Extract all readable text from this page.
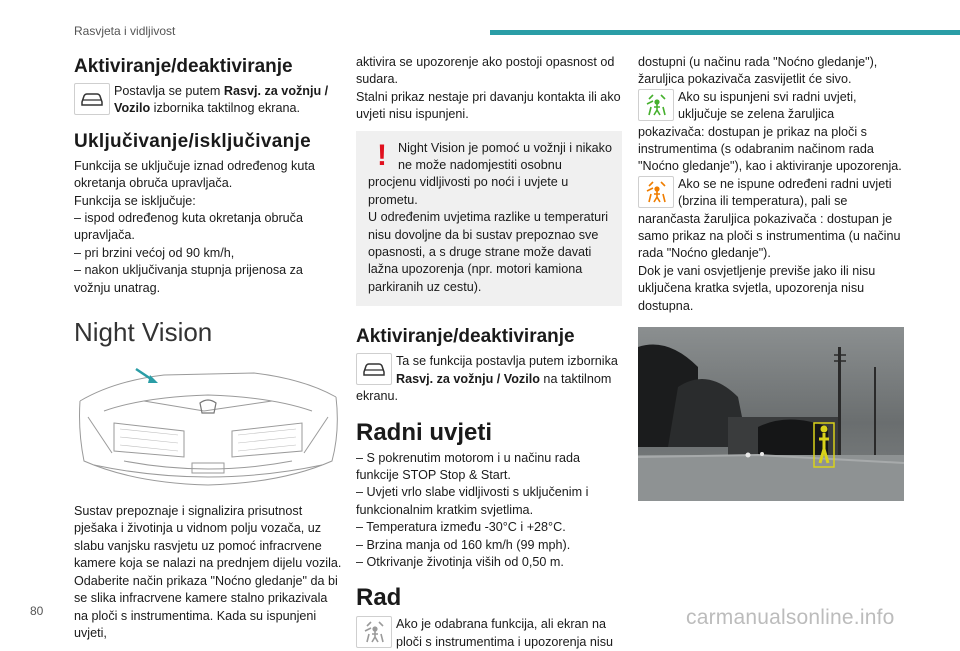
Rasvjeta i vidljivost
Aktiviranje/deaktiviranje

Postavlja se putem Rasvj. za vožnju / Vozilo izbornika taktilnog ekrana.

Uključivanje/isključivanje

Funkcija se uključuje iznad određenog kuta okretanja obruča upravljača.

Funkcija se isključuje:

– ispod određenog kuta okretanja obruča upravljača.

– pri brzini većoj od 90 km/h,

– nakon uključivanja stupnja prijenosa za vožnju unatrag.

Night Vision

Sustav prepoznaje i signalizira prisutnost pješaka i životinja u vidnom polju vozača, uz slabu vanjsku rasvjetu uz pomoć infracrvene kamere koja se nalazi na prednjem dijelu vozila. Odaberite način prikaza "Noćno gledanje" da bi se slika infracrvene kamere stalno prikazivala na ploči s instrumentima. Kada su ispunjeni uvjeti,

aktivira se upozorenje ako postoji opasnost od sudara.

Stalni prikaz nestaje pri davanju kontakta ili ako uvjeti nisu ispunjeni.

! Night Vision je pomoć u vožnji i nikako ne može nadomjestiti osobnu procjenu vidljivosti po noći i uvjete u prometu.

U određenim uvjetima razlike u temperaturi nisu dovoljne da bi sustav prepoznao sve opasnosti, a s druge strane može davati lažna upozorenja (npr. motori kamiona parkiranih uz cestu).

Aktiviranje/deaktiviranje

Ta se funkcija postavlja putem izbornika Rasvj. za vožnju / Vozilo na taktilnom ekranu.

Radni uvjeti

– S pokrenutim motorom i u načinu rada funkcije STOP Stop & Start.

– Uvjeti vrlo slabe vidljivosti s uključenim i funkcionalnim kratkim svjetlima.

– Temperatura između -30°C i +28°C.

– Brzina manja od 160 km/h (99 mph).

– Otkrivanje životinja viših od 0,50 m.

Rad

Ako je odabrana funkcija, ali ekran na ploči s instrumentima i upozorenja nisu

dostupni (u načinu rada "Noćno gledanje"), žaruljica pokazivača zasvijetlit će sivo.

Ako su ispunjeni svi radni uvjeti, uključuje se zelena žaruljica pokazivača: dostupan je prikaz na ploči s instrumentima (s odabranim načinom rada "Noćno gledanje"), kao i aktiviranje upozorenja.

Ako se ne ispune određeni radni uvjeti (brzina ili temperatura), pali se narančasta žaruljica pokazivača : dostupan je samo prikaz na ploči s instrumentima (u načinu rada "Noćno gledanje").

Dok je vani osvjetljenje previše jako ili nisu uključena kratka svjetla, upozorenja nisu dostupna.

80	carmanualsonline.info
